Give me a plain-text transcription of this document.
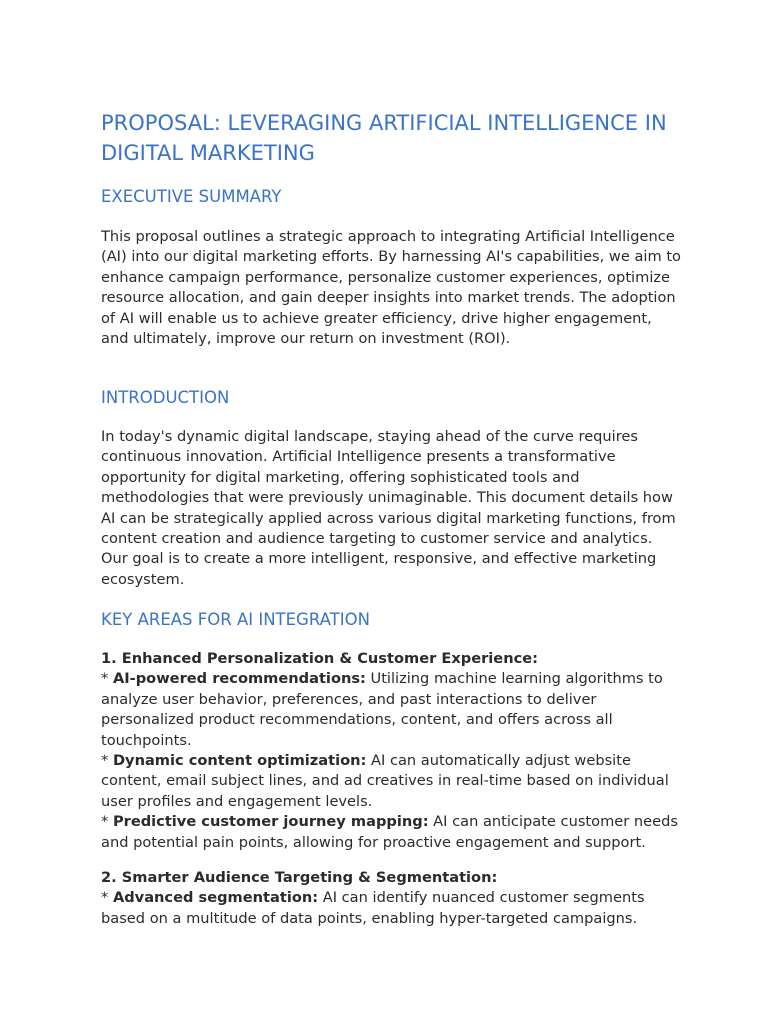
PROPOSAL: LEVERAGING ARTIFICIAL INTELLIGENCE IN DIGITAL MARKETING
EXECUTIVE SUMMARY

This proposal outlines a strategic approach to integrating Artificial Intelligence (AI) into our digital marketing efforts. By harnessing AI's capabilities, we aim to enhance campaign performance, personalize customer experiences, optimize resource allocation, and gain deeper insights into market trends. The adoption of AI will enable us to achieve greater efficiency, drive higher engagement, and ultimately, improve our return on investment (ROI).

INTRODUCTION

In today's dynamic digital landscape, staying ahead of the curve requires continuous innovation. Artificial Intelligence presents a transformative opportunity for digital marketing, offering sophisticated tools and methodologies that were previously unimaginable. This document details how AI can be strategically applied across various digital marketing functions, from content creation and audience targeting to customer service and analytics. Our goal is to create a more intelligent, responsive, and effective marketing ecosystem.

KEY AREAS FOR AI INTEGRATION
1. Enhanced Personalization & Customer Experience:
* AI-powered recommendations: Utilizing machine learning algorithms to analyze user behavior, preferences, and past interactions to deliver personalized product recommendations, content, and offers across all touchpoints.
* Dynamic content optimization: AI can automatically adjust website content, email subject lines, and ad creatives in real-time based on individual user profiles and engagement levels.
* Predictive customer journey mapping: AI can anticipate customer needs and potential pain points, allowing for proactive engagement and support.
2. Smarter Audience Targeting & Segmentation:
* Advanced segmentation: AI can identify nuanced customer segments based on a multitude of data points, enabling hyper-targeted campaigns.
